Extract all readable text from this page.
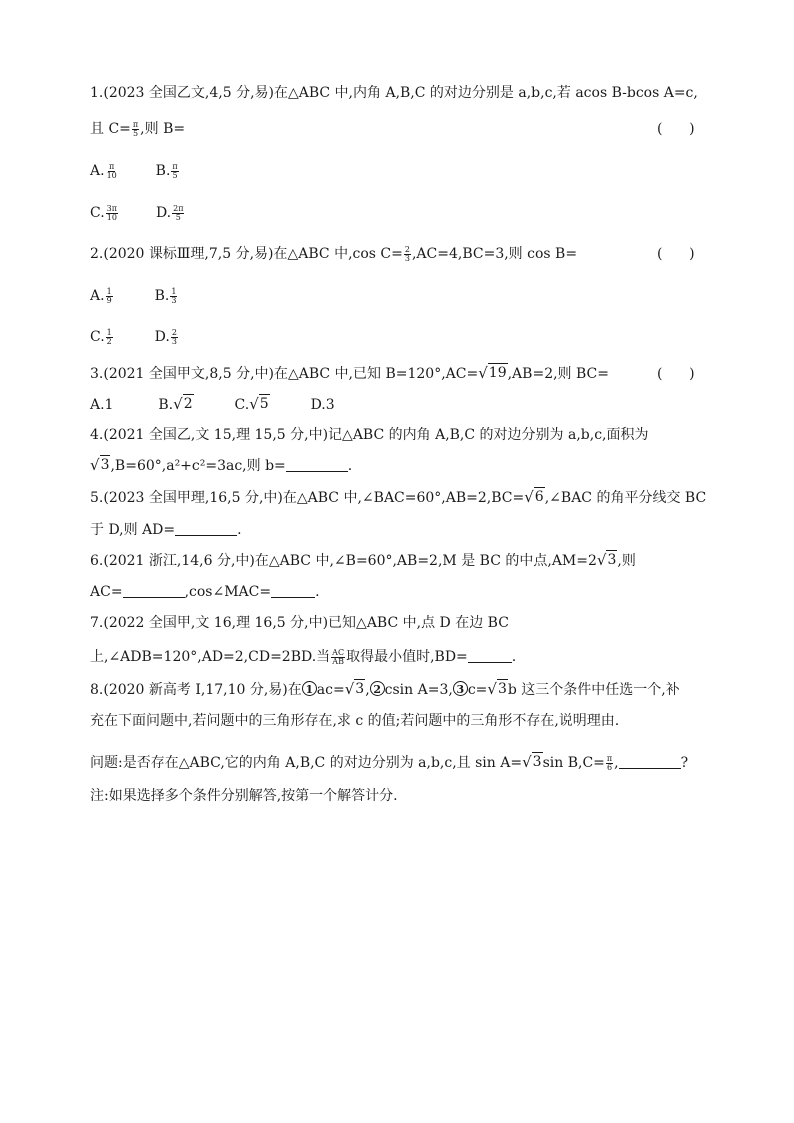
1.(2023 全国乙文,4,5 分,易)在△ABC 中,内角 A,B,C 的对边分别是 a,b,c,若 acos B-bcos A=c,
且 $C= \frac{\pi}{5}$ ,则 B=	(      )
A. $\frac{\pi}{10}$	B. $\frac{\pi}{5}$
C. $\frac{3\pi}{10}$	D. $\frac{2\pi}{5}$
2.(2020 课标Ⅲ理,7,5 分,易)在△ABC 中,cos $C= \frac{2}{3} ,AC=4,BC=3$,则 cos B=	(      )
A. $\frac{1}{9}$	B. $\frac{1}{3}$
C. $\frac{1}{2}$	D. $\frac{2}{3}$
3.(2021 全国甲文,8,5 分,中)在△ABC 中,已知 B=120°,AC= √ 19 ,AB=2,则 BC=	(      )
A.1	B. √ 2	C. √ 5	D.3
4.(2021 全国乙,文 15,理 15,5 分,中)记△ABC 的内角 A,B,C 的对边分别为 a,b,c,面积为
√ 3 ,B=60°,a²+c²=3ac,则 b=	.
5.(2023 全国甲理,16,5 分,中)在△ABC 中,∠BAC=60°,AB=2,BC= √ 6 ,∠BAC 的角平分线交 BC
于 D,则 AD=	.
6.(2021 浙江,14,6 分,中)在△ABC 中,∠B=60°,AB=2,M 是 BC 的中点,AM=2 √ 3 ,则
AC=	,cos∠MAC=	.
7.(2022 全国甲,文 16,理 16,5 分,中)已知△ABC 中,点 D 在边 BC
上,∠ADB=120°,AD=2,CD=2BD.当 $\frac{AC}{AB}$ 取得最小值时,BD=	.
8.(2020 新高考 Ⅰ,17,10 分,易)在 1 ac= √ 3 , 2 csin A=3, 3 c= √ 3 b 这三个条件中任选一个,补
充在下面问题中,若问题中的三角形存在,求 c 的值;若问题中的三角形不存在,说明理由.
问题:是否存在△ABC,它的内角 A,B,C 的对边分别为 a,b,c,且 sin A= √ 3 $\sin B,C= \frac{\pi}{6}$ ,	?
注:如果选择多个条件分别解答,按第一个解答计分.
